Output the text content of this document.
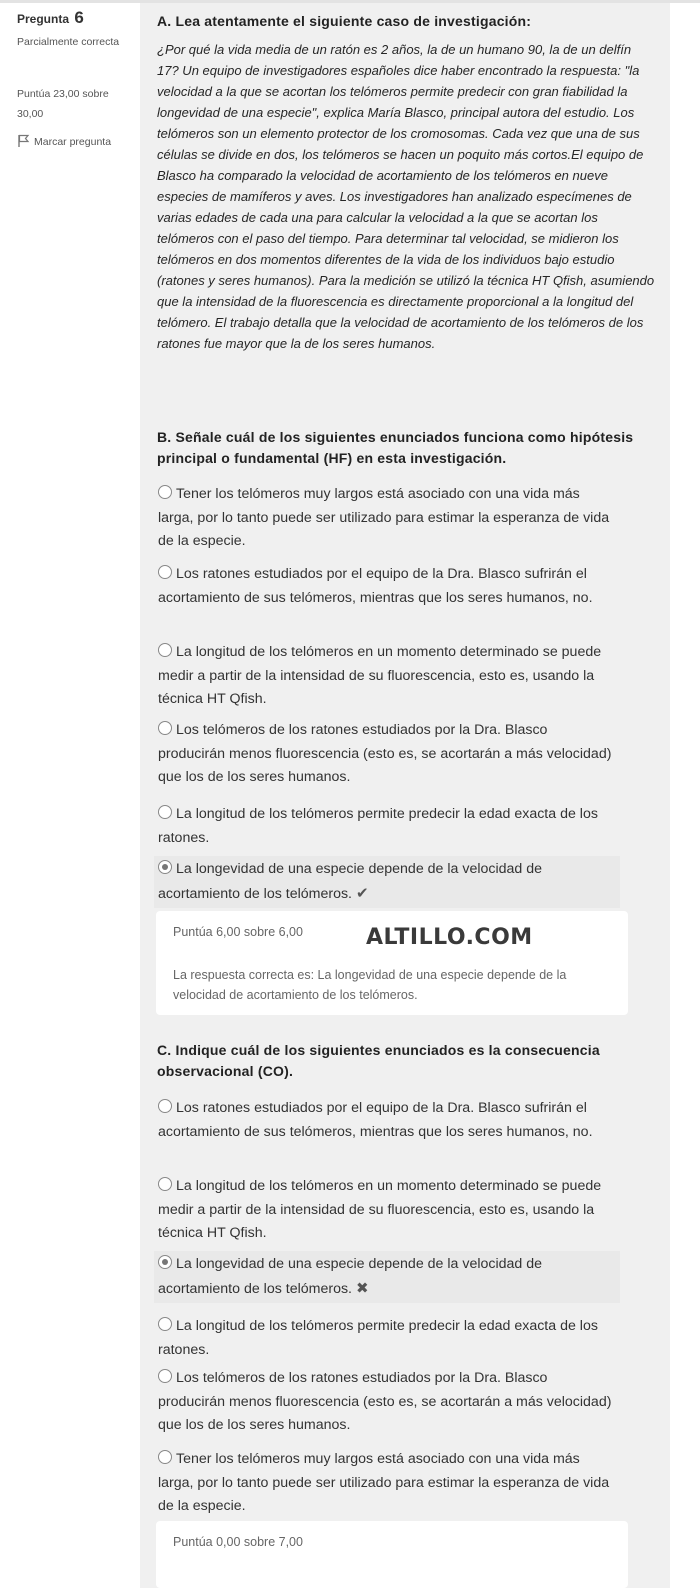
Pregunta 6
Parcialmente correcta
Puntúa 23,00 sobre 30,00
Marcar pregunta
A. Lea atentamente el siguiente caso de investigación:
¿Por qué la vida media de un ratón es 2 años, la de un humano 90, la de un delfín 17? Un equipo de investigadores españoles dice haber encontrado la respuesta: "la velocidad a la que se acortan los telómeros permite predecir con gran fiabilidad la longevidad de una especie", explica María Blasco, principal autora del estudio. Los telómeros son un elemento protector de los cromosomas. Cada vez que una de sus células se divide en dos, los telómeros se hacen un poquito más cortos.El equipo de Blasco ha comparado la velocidad de acortamiento de los telómeros en nueve especies de mamíferos y aves. Los investigadores han analizado especímenes de varias edades de cada una para calcular la velocidad a la que se acortan los telómeros con el paso del tiempo. Para determinar tal velocidad, se midieron los telómeros en dos momentos diferentes de la vida de los individuos bajo estudio (ratones y seres humanos). Para la medición se utilizó la técnica HT Qfish, asumiendo que la intensidad de la fluorescencia es directamente proporcional a la longitud del telómero. El trabajo detalla que la velocidad de acortamiento de los telómeros de los ratones fue mayor que la de los seres humanos.
B. Señale cuál de los siguientes enunciados funciona como hipótesis principal o fundamental (HF) en esta investigación.
Tener los telómeros muy largos está asociado con una vida más larga, por lo tanto puede ser utilizado para estimar la esperanza de vida de la especie.
Los ratones estudiados por el equipo de la Dra. Blasco sufrirán el acortamiento de sus telómeros, mientras que los seres humanos, no.
La longitud de los telómeros en un momento determinado se puede medir a partir de la intensidad de su fluorescencia, esto es, usando la técnica HT Qfish.
Los telómeros de los ratones estudiados por la Dra. Blasco producirán menos fluorescencia (esto es, se acortarán a más velocidad) que los de los seres humanos.
La longitud de los telómeros permite predecir la edad exacta de los ratones.
La longevidad de una especie depende de la velocidad de acortamiento de los telómeros. ✔
Puntúa 6,00 sobre 6,00	ALTILLO.COM
La respuesta correcta es: La longevidad de una especie depende de la velocidad de acortamiento de los telómeros.
C. Indique cuál de los siguientes enunciados es la consecuencia observacional (CO).
Los ratones estudiados por el equipo de la Dra. Blasco sufrirán el acortamiento de sus telómeros, mientras que los seres humanos, no.
La longitud de los telómeros en un momento determinado se puede medir a partir de la intensidad de su fluorescencia, esto es, usando la técnica HT Qfish.
La longevidad de una especie depende de la velocidad de acortamiento de los telómeros. ✖
La longitud de los telómeros permite predecir la edad exacta de los ratones.
Los telómeros de los ratones estudiados por la Dra. Blasco producirán menos fluorescencia (esto es, se acortarán a más velocidad) que los de los seres humanos.
Tener los telómeros muy largos está asociado con una vida más larga, por lo tanto puede ser utilizado para estimar la esperanza de vida de la especie.
Puntúa 0,00 sobre 7,00
